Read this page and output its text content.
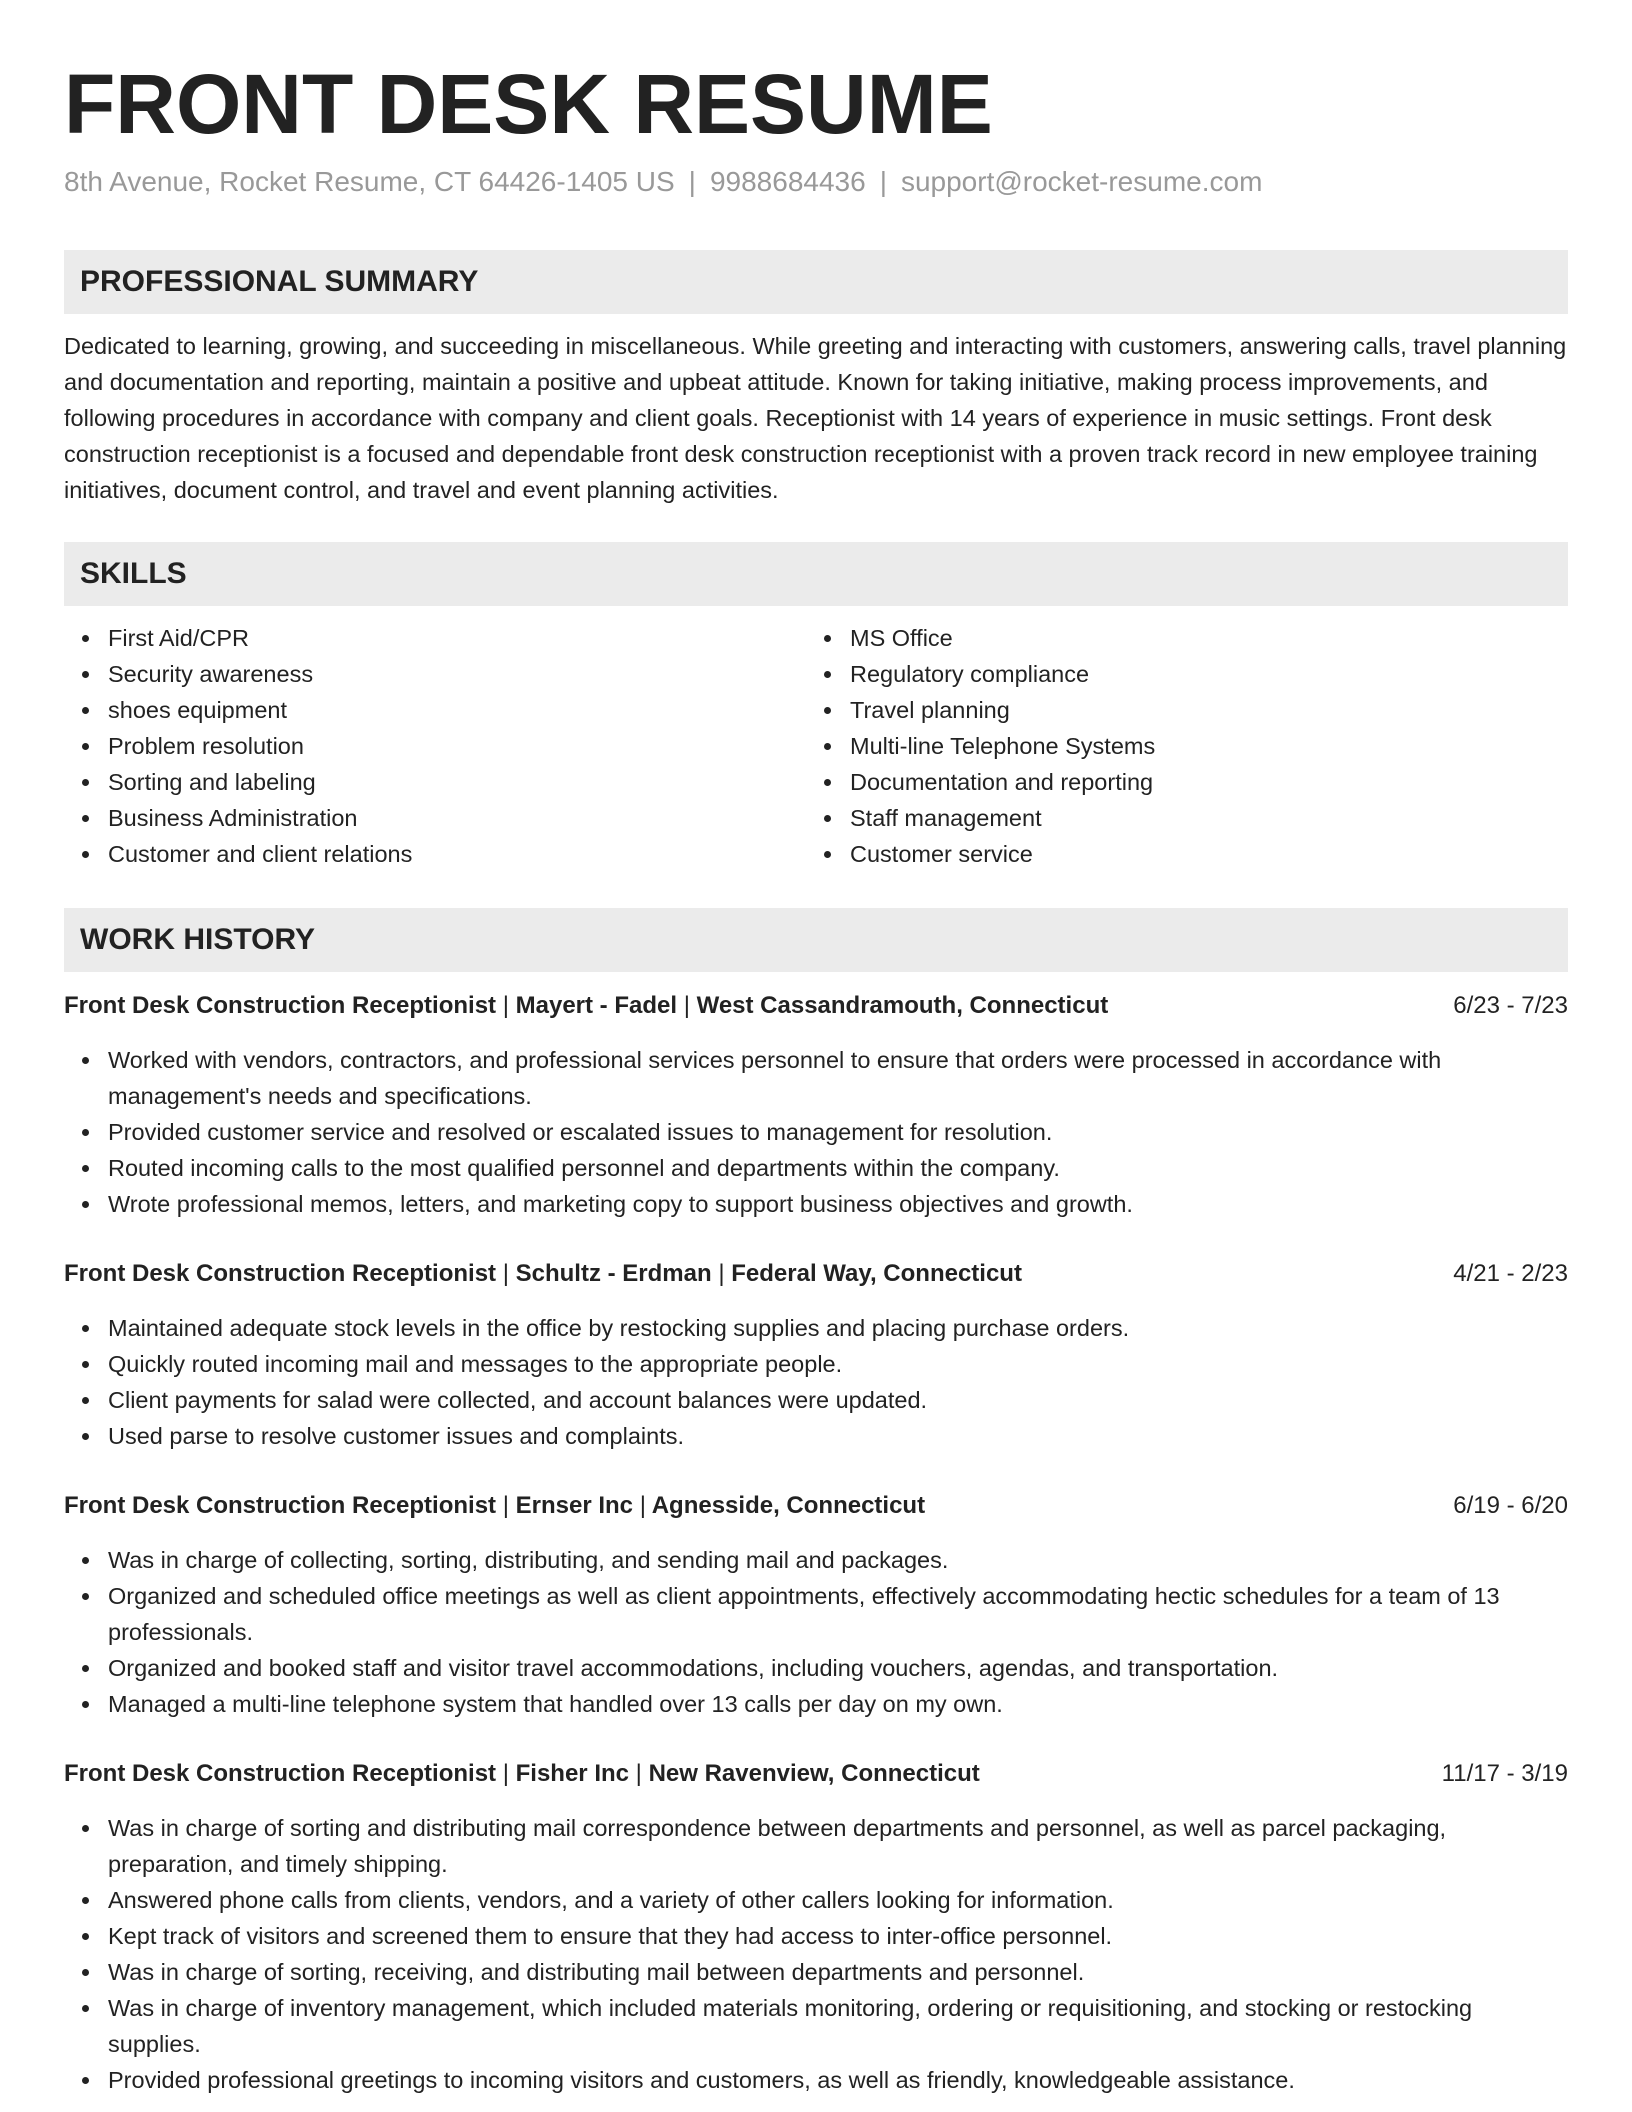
FRONT DESK RESUME
8th Avenue, Rocket Resume, CT 64426-1405 US | 9988684436 | support@rocket-resume.com
PROFESSIONAL SUMMARY
Dedicated to learning, growing, and succeeding in miscellaneous. While greeting and interacting with customers, answering calls, travel planning and documentation and reporting, maintain a positive and upbeat attitude. Known for taking initiative, making process improvements, and following procedures in accordance with company and client goals. Receptionist with 14 years of experience in music settings. Front desk construction receptionist is a focused and dependable front desk construction receptionist with a proven track record in new employee training initiatives, document control, and travel and event planning activities.
SKILLS
First Aid/CPR
Security awareness
shoes equipment
Problem resolution
Sorting and labeling
Business Administration
Customer and client relations
MS Office
Regulatory compliance
Travel planning
Multi-line Telephone Systems
Documentation and reporting
Staff management
Customer service
WORK HISTORY
Front Desk Construction Receptionist | Mayert - Fadel | West Cassandramouth, Connecticut	6/23 - 7/23
Worked with vendors, contractors, and professional services personnel to ensure that orders were processed in accordance with management's needs and specifications.
Provided customer service and resolved or escalated issues to management for resolution.
Routed incoming calls to the most qualified personnel and departments within the company.
Wrote professional memos, letters, and marketing copy to support business objectives and growth.
Front Desk Construction Receptionist | Schultz - Erdman | Federal Way, Connecticut	4/21 - 2/23
Maintained adequate stock levels in the office by restocking supplies and placing purchase orders.
Quickly routed incoming mail and messages to the appropriate people.
Client payments for salad were collected, and account balances were updated.
Used parse to resolve customer issues and complaints.
Front Desk Construction Receptionist | Ernser Inc | Agnesside, Connecticut	6/19 - 6/20
Was in charge of collecting, sorting, distributing, and sending mail and packages.
Organized and scheduled office meetings as well as client appointments, effectively accommodating hectic schedules for a team of 13 professionals.
Organized and booked staff and visitor travel accommodations, including vouchers, agendas, and transportation.
Managed a multi-line telephone system that handled over 13 calls per day on my own.
Front Desk Construction Receptionist | Fisher Inc | New Ravenview, Connecticut	11/17 - 3/19
Was in charge of sorting and distributing mail correspondence between departments and personnel, as well as parcel packaging, preparation, and timely shipping.
Answered phone calls from clients, vendors, and a variety of other callers looking for information.
Kept track of visitors and screened them to ensure that they had access to inter-office personnel.
Was in charge of sorting, receiving, and distributing mail between departments and personnel.
Was in charge of inventory management, which included materials monitoring, ordering or requisitioning, and stocking or restocking supplies.
Provided professional greetings to incoming visitors and customers, as well as friendly, knowledgeable assistance.
